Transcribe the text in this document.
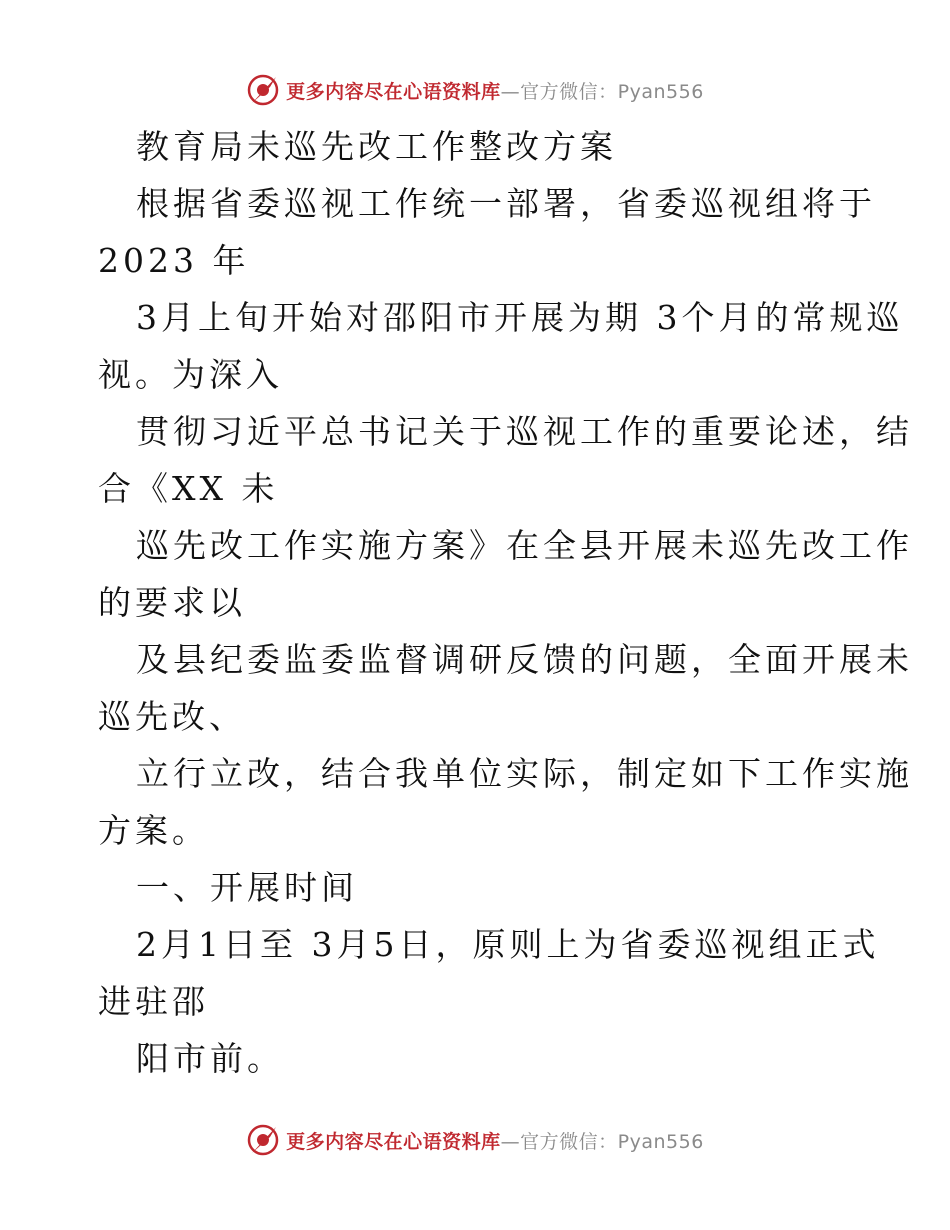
更多内容尽在心语资料库—官方微信：Pyan556
教育局未巡先改工作整改方案
根据省委巡视工作统一部署，省委巡视组将于
2023 年
3月上旬开始对邵阳市开展为期 3个月的常规巡
视。为深入
贯彻习近平总书记关于巡视工作的重要论述，结
合《XX 未
巡先改工作实施方案》在全县开展未巡先改工作
的要求以
及县纪委监委监督调研反馈的问题，全面开展未
巡先改、
立行立改，结合我单位实际，制定如下工作实施
方案。
一、开展时间
2月1日至 3月5日，原则上为省委巡视组正式
进驻邵
阳市前。
更多内容尽在心语资料库—官方微信：Pyan556
